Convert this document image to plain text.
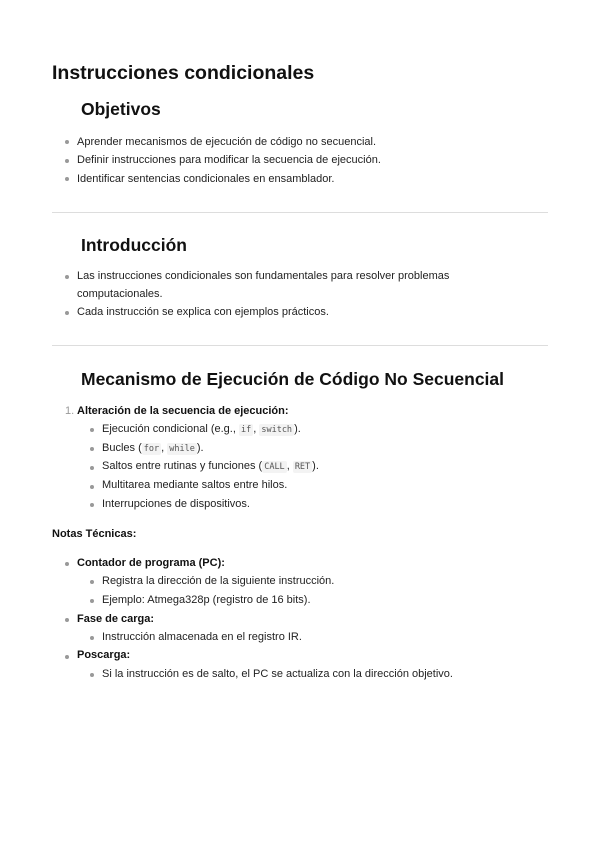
Instrucciones condicionales
Objetivos
Aprender mecanismos de ejecución de código no secuencial.
Definir instrucciones para modificar la secuencia de ejecución.
Identificar sentencias condicionales en ensamblador.
Introducción
Las instrucciones condicionales son fundamentales para resolver problemas
computacionales.
Cada instrucción se explica con ejemplos prácticos.
Mecanismo de Ejecución de Código No Secuencial
1. Alteración de la secuencia de ejecución:
Ejecución condicional (e.g., if , switch ).
Bucles ( for , while ).
Saltos entre rutinas y funciones ( CALL , RET ).
Multitarea mediante saltos entre hilos.
Interrupciones de dispositivos.
Notas Técnicas:
Contador de programa (PC):
Registra la dirección de la siguiente instrucción.
Ejemplo: Atmega328p (registro de 16 bits).
Fase de carga:
Instrucción almacenada en el registro IR.
Poscarga:
Si la instrucción es de salto, el PC se actualiza con la dirección objetivo.
